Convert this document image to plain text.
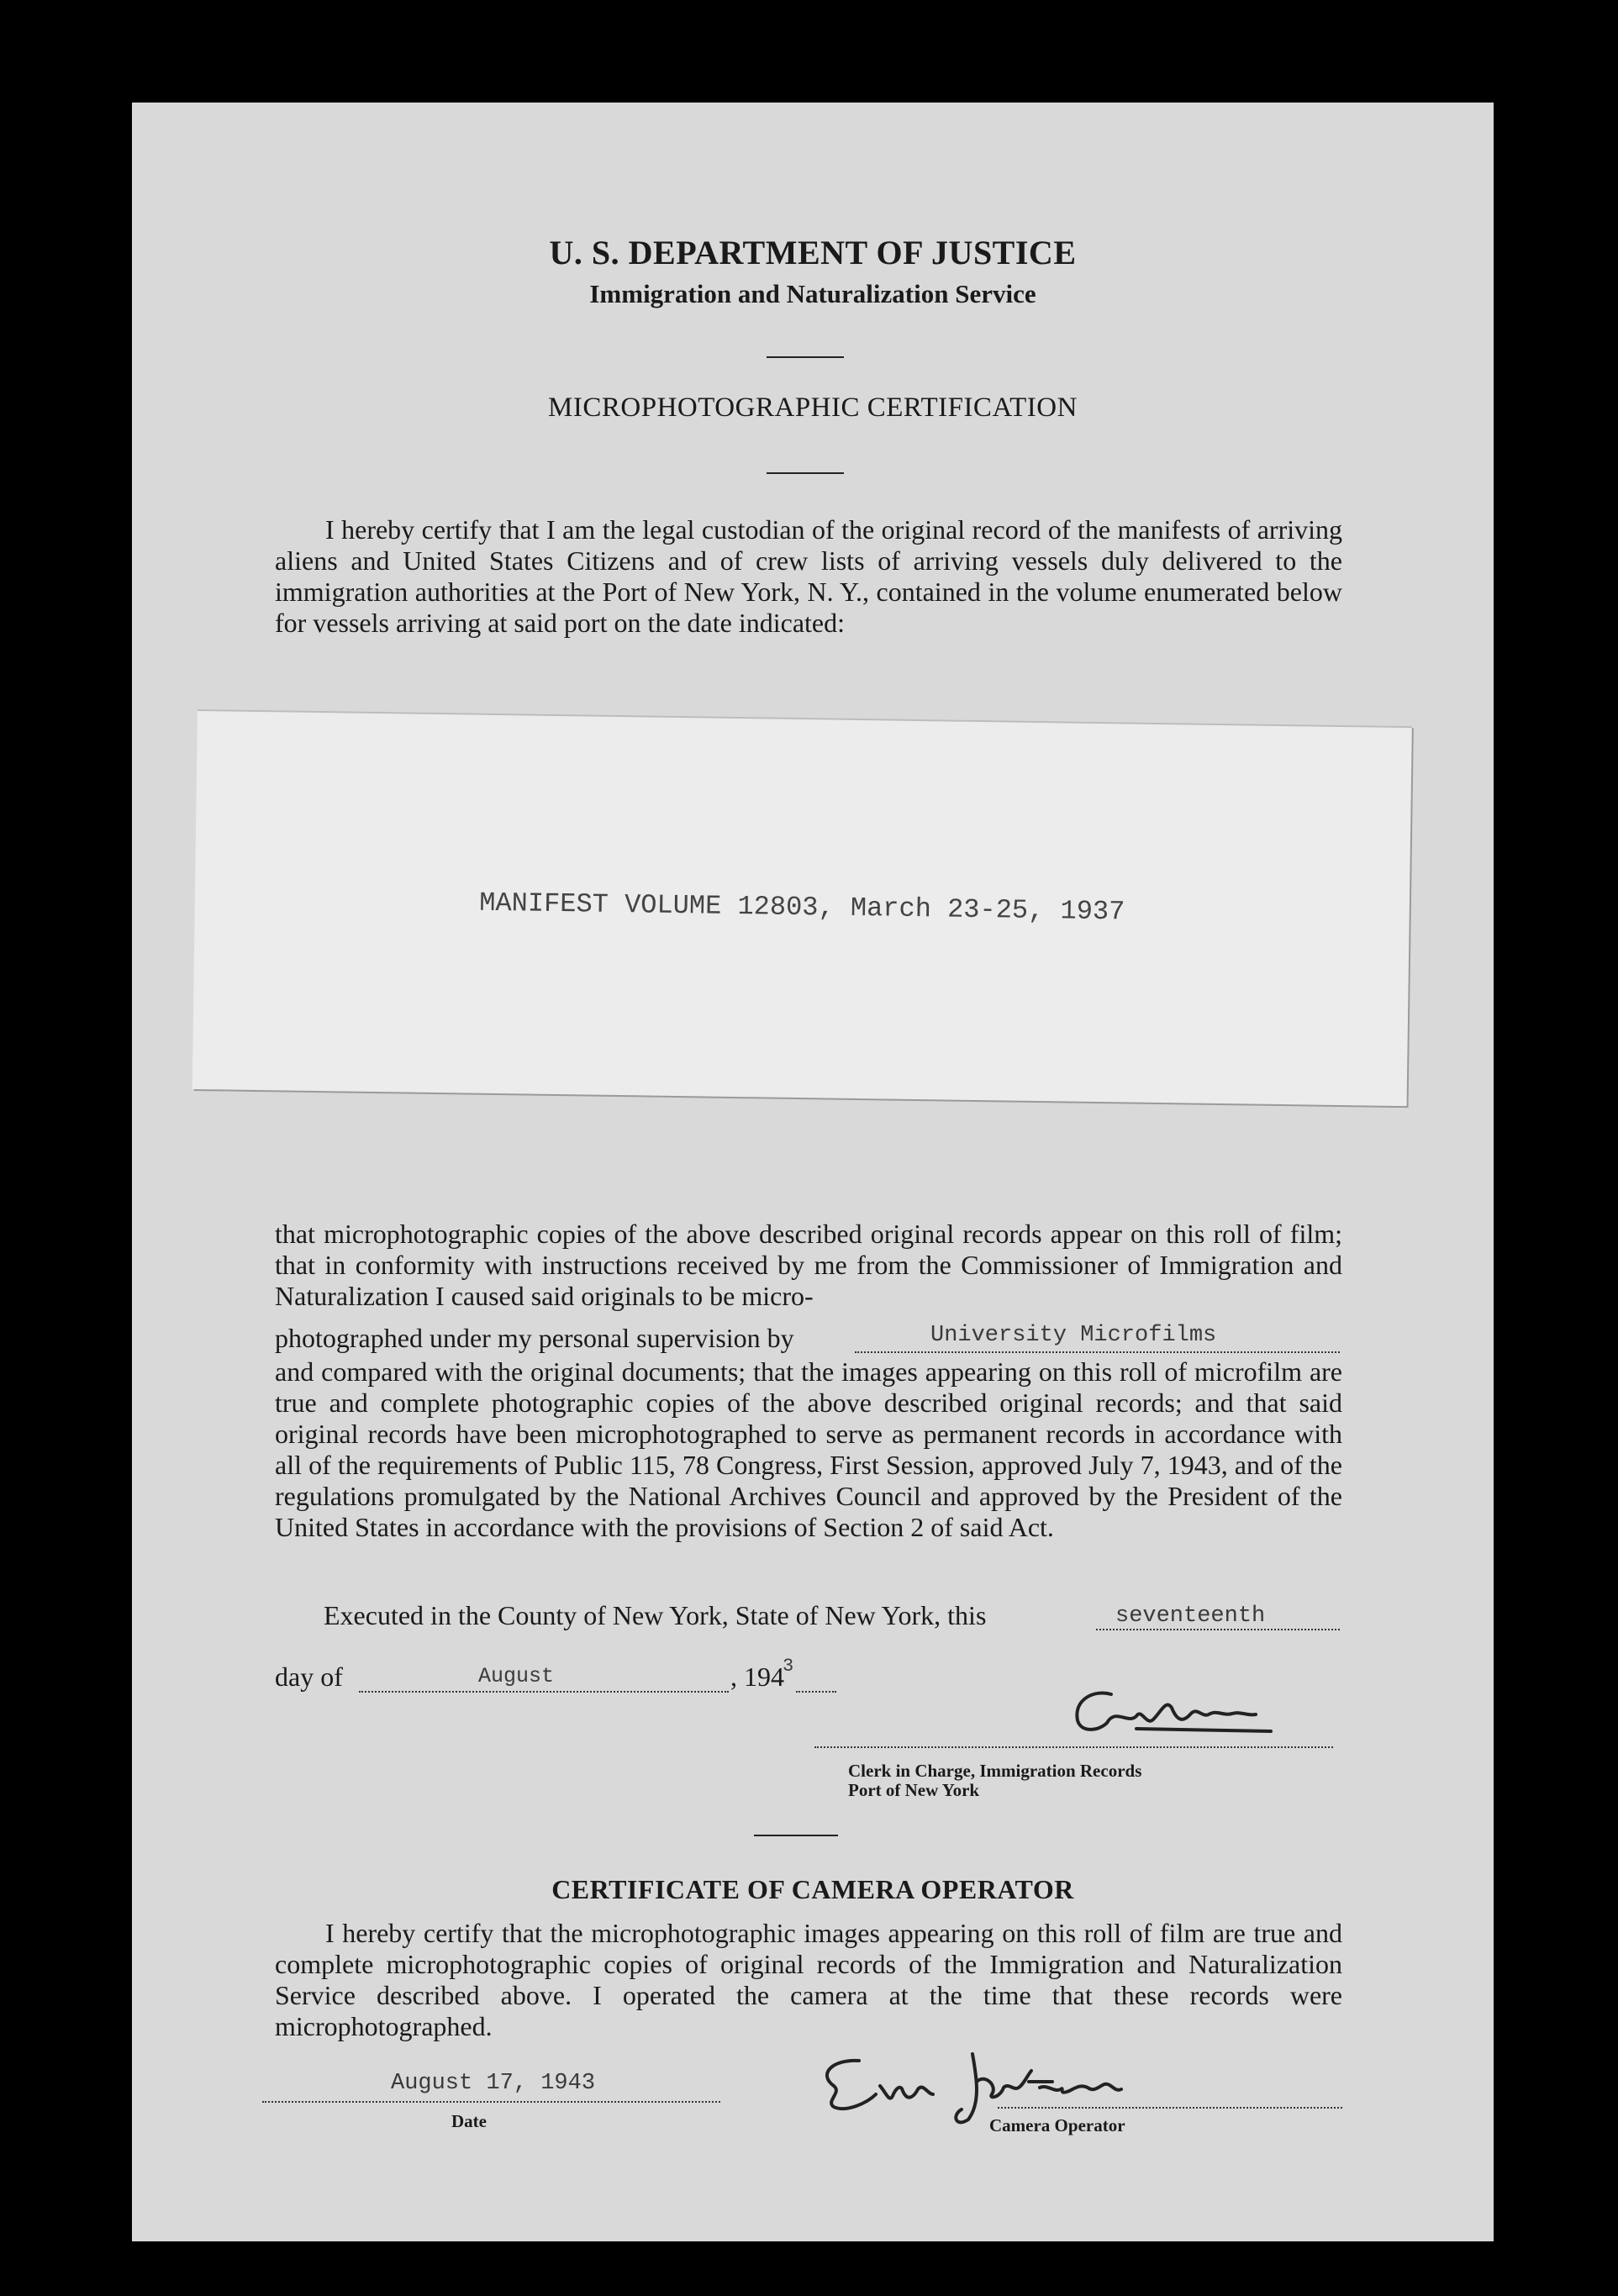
U. S. DEPARTMENT OF JUSTICE
Immigration and Naturalization Service
MICROPHOTOGRAPHIC CERTIFICATION
I hereby certify that I am the legal custodian of the original record of the manifests of arriving aliens and United States Citizens and of crew lists of arriving vessels duly delivered to the immigration authorities at the Port of New York, N. Y., contained in the volume enumerated below for vessels arriving at said port on the date indicated:
MANIFEST VOLUME 12803, March 23-25, 1937
that microphotographic copies of the above described original records appear on this roll of film; that in conformity with instructions received by me from the Commissioner of Immigration and Naturalization I caused said originals to be micro-
photographed under my personal supervision by	University Microfilms
and compared with the original documents; that the images appearing on this roll of microfilm are true and complete photographic copies of the above described original records; and that said original records have been microphotographed to serve as permanent records in accordance with all of the requirements of Public 115, 78 Congress, First Session, approved July 7, 1943, and of the regulations promulgated by the National Archives Council and approved by the President of the United States in accordance with the provisions of Section 2 of said Act.
Executed in the County of New York, State of New York, this	seventeenth
day of	August	, 194
3
Clerk in Charge, Immigration Records
Port of New York
CERTIFICATE OF CAMERA OPERATOR
I hereby certify that the microphotographic images appearing on this roll of film are true and complete microphotographic copies of original records of the Immigration and Naturalization Service described above. I operated the camera at the time that these records were microphotographed.
August 17, 1943
Date	Camera Operator
